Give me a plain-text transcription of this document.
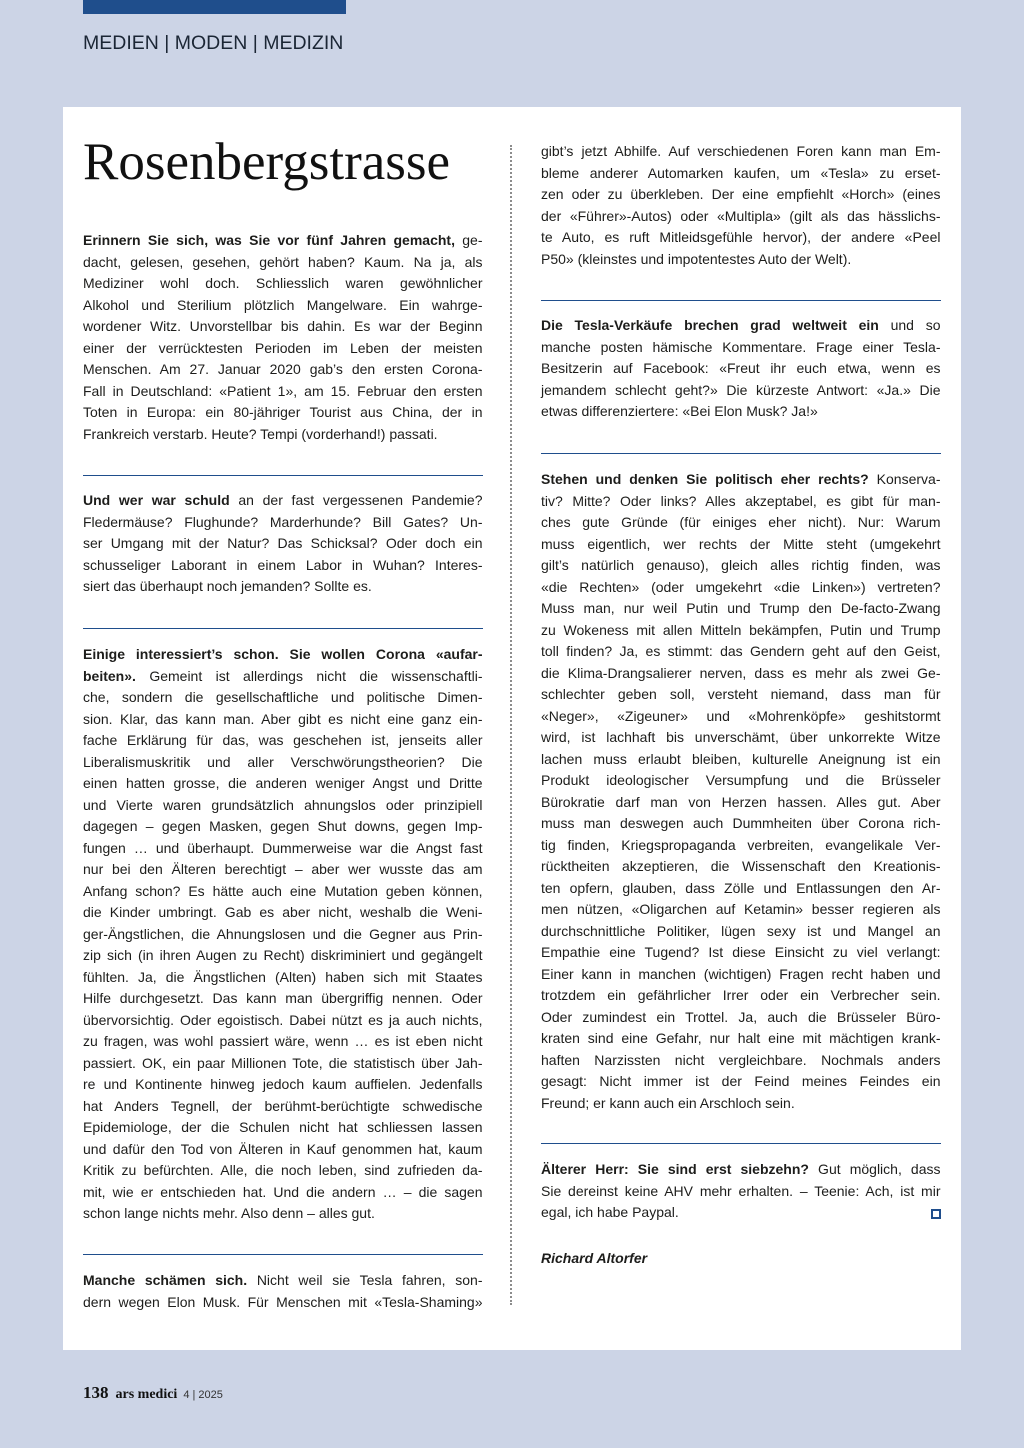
MEDIEN | MODEN | MEDIZIN
Rosenbergstrasse
Erinnern Sie sich, was Sie vor fünf Jahren gemacht, ge-
dacht, gelesen, gesehen, gehört haben? Kaum. Na ja, als
Mediziner wohl doch. Schliesslich waren gewöhnlicher
Alkohol und Sterilium plötzlich Mangelware. Ein wahrge-
wordener Witz. Unvorstellbar bis dahin. Es war der Beginn
einer der verrücktesten Perioden im Leben der meisten
Menschen. Am 27. Januar 2020 gab’s den ersten Corona-
Fall in Deutschland: «Patient 1», am 15. Februar den ersten
Toten in Europa: ein 80-jähriger Tourist aus China, der in
Frankreich verstarb. Heute? Tempi (vorderhand!) passati.
Und wer war schuld an der fast vergessenen Pandemie?
Fledermäuse? Flughunde? Marderhunde? Bill Gates? Un-
ser Umgang mit der Natur? Das Schicksal? Oder doch ein
schusseliger Laborant in einem Labor in Wuhan? Interes-
siert das überhaupt noch jemanden? Sollte es.
Einige interessiert’s schon. Sie wollen Corona «aufar-
beiten». Gemeint ist allerdings nicht die wissenschaftli-
che, sondern die gesellschaftliche und politische Dimen-
sion. Klar, das kann man. Aber gibt es nicht eine ganz ein-
fache Erklärung für das, was geschehen ist, jenseits aller
Liberalismuskritik und aller Verschwörungstheorien? Die
einen hatten grosse, die anderen weniger Angst und Dritte
und Vierte waren grundsätzlich ahnungslos oder prinzipiell
dagegen – gegen Masken, gegen Shut downs, gegen Imp-
fungen … und überhaupt. Dummerweise war die Angst fast
nur bei den Älteren berechtigt – aber wer wusste das am
Anfang schon? Es hätte auch eine Mutation geben können,
die Kinder umbringt. Gab es aber nicht, weshalb die Weni-
ger-Ängstlichen, die Ahnungslosen und die Gegner aus Prin-
zip sich (in ihren Augen zu Recht) diskriminiert und gegängelt
fühlten. Ja, die Ängstlichen (Alten) haben sich mit Staates
Hilfe durchgesetzt. Das kann man übergriffig nennen. Oder
übervorsichtig. Oder egoistisch. Dabei nützt es ja auch nichts,
zu fragen, was wohl passiert wäre, wenn … es ist eben nicht
passiert. OK, ein paar Millionen Tote, die statistisch über Jah-
re und Kontinente hinweg jedoch kaum auffielen. Jedenfalls
hat Anders Tegnell, der berühmt-berüchtigte schwedische
Epidemiologe, der die Schulen nicht hat schliessen lassen
und dafür den Tod von Älteren in Kauf genommen hat, kaum
Kritik zu befürchten. Alle, die noch leben, sind zufrieden da-
mit, wie er entschieden hat. Und die andern … – die sagen
schon lange nichts mehr. Also denn – alles gut.
Manche schämen sich. Nicht weil sie Tesla fahren, son-
dern wegen Elon Musk. Für Menschen mit «Tesla-Shaming»
gibt’s jetzt Abhilfe. Auf verschiedenen Foren kann man Em-
bleme anderer Automarken kaufen, um «Tesla» zu erset-
zen oder zu überkleben. Der eine empfiehlt «Horch» (eines
der «Führer»-Autos) oder «Multipla» (gilt als das hässlichs-
te Auto, es ruft Mitleidsgefühle hervor), der andere «Peel
P50» (kleinstes und impotentestes Auto der Welt).
Die Tesla-Verkäufe brechen grad weltweit ein und so
manche posten hämische Kommentare. Frage einer Tesla-
Besitzerin auf Facebook: «Freut ihr euch etwa, wenn es
jemandem schlecht geht?» Die kürzeste Antwort: «Ja.» Die
etwas differenziertere: «Bei Elon Musk? Ja!»
Stehen und denken Sie politisch eher rechts? Konserva-
tiv? Mitte? Oder links? Alles akzeptabel, es gibt für man-
ches gute Gründe (für einiges eher nicht). Nur: Warum
muss eigentlich, wer rechts der Mitte steht (umgekehrt
gilt’s natürlich genauso), gleich alles richtig finden, was
«die Rechten» (oder umgekehrt «die Linken») vertreten?
Muss man, nur weil Putin und Trump den De-facto-Zwang
zu Wokeness mit allen Mitteln bekämpfen, Putin und Trump
toll finden? Ja, es stimmt: das Gendern geht auf den Geist,
die Klima-Drangsalierer nerven, dass es mehr als zwei Ge-
schlechter geben soll, versteht niemand, dass man für
«Neger», «Zigeuner» und «Mohrenköpfe» geshitstormt
wird, ist lachhaft bis unverschämt, über unkorrekte Witze
lachen muss erlaubt bleiben, kulturelle Aneignung ist ein
Produkt ideologischer Versumpfung und die Brüsseler
Bürokratie darf man von Herzen hassen. Alles gut. Aber
muss man deswegen auch Dummheiten über Corona rich-
tig finden, Kriegspropaganda verbreiten, evangelikale Ver-
rücktheiten akzeptieren, die Wissenschaft den Kreationis-
ten opfern, glauben, dass Zölle und Entlassungen den Ar-
men nützen, «Oligarchen auf Ketamin» besser regieren als
durchschnittliche Politiker, lügen sexy ist und Mangel an
Empathie eine Tugend? Ist diese Einsicht zu viel verlangt:
Einer kann in manchen (wichtigen) Fragen recht haben und
trotzdem ein gefährlicher Irrer oder ein Verbrecher sein.
Oder zumindest ein Trottel. Ja, auch die Brüsseler Büro-
kraten sind eine Gefahr, nur halt eine mit mächtigen krank-
haften Narzissten nicht vergleichbare. Nochmals anders
gesagt: Nicht immer ist der Feind meines Feindes ein
Freund; er kann auch ein Arschloch sein.
Älterer Herr: Sie sind erst siebzehn? Gut möglich, dass
Sie dereinst keine AHV mehr erhalten. – Teenie: Ach, ist mir
egal, ich habe Paypal.
Richard Altorfer
138 ars medici 4 | 2025
